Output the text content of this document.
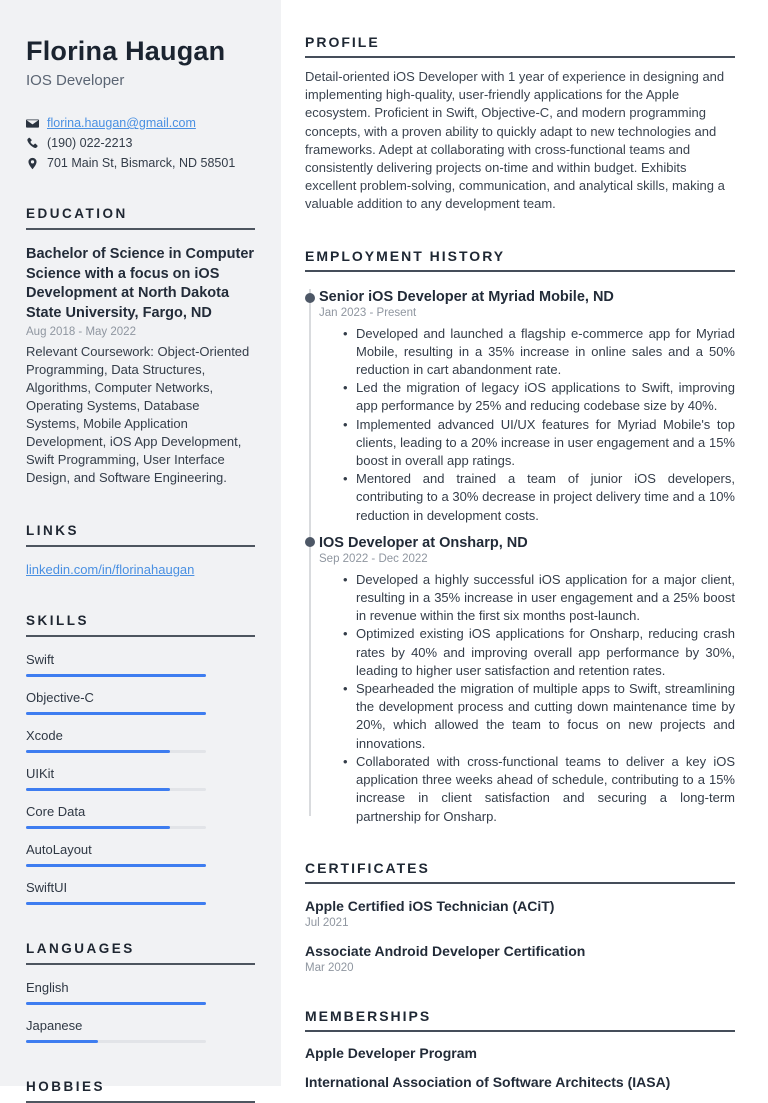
Florina Haugan
IOS Developer
florina.haugan@gmail.com
(190) 022-2213
701 Main St, Bismarck, ND 58501
EDUCATION
Bachelor of Science in Computer Science with a focus on iOS Development at North Dakota State University, Fargo, ND
Aug 2018 - May 2022
Relevant Coursework: Object-Oriented Programming, Data Structures, Algorithms, Computer Networks, Operating Systems, Database Systems, Mobile Application Development, iOS App Development, Swift Programming, User Interface Design, and Software Engineering.
LINKS
linkedin.com/in/florinahaugan
SKILLS
Swift
Objective-C
Xcode
UIKit
Core Data
AutoLayout
SwiftUI
LANGUAGES
English
Japanese
HOBBIES
PROFILE
Detail-oriented iOS Developer with 1 year of experience in designing and implementing high-quality, user-friendly applications for the Apple ecosystem. Proficient in Swift, Objective-C, and modern programming concepts, with a proven ability to quickly adapt to new technologies and frameworks. Adept at collaborating with cross-functional teams and consistently delivering projects on-time and within budget. Exhibits excellent problem-solving, communication, and analytical skills, making a valuable addition to any development team.
EMPLOYMENT HISTORY
Senior iOS Developer at Myriad Mobile, ND
Jan 2023 - Present
• Developed and launched a flagship e-commerce app for Myriad Mobile, resulting in a 35% increase in online sales and a 50% reduction in cart abandonment rate.
• Led the migration of legacy iOS applications to Swift, improving app performance by 25% and reducing codebase size by 40%.
• Implemented advanced UI/UX features for Myriad Mobile's top clients, leading to a 20% increase in user engagement and a 15% boost in overall app ratings.
• Mentored and trained a team of junior iOS developers, contributing to a 30% decrease in project delivery time and a 10% reduction in development costs.
IOS Developer at Onsharp, ND
Sep 2022 - Dec 2022
• Developed a highly successful iOS application for a major client, resulting in a 35% increase in user engagement and a 25% boost in revenue within the first six months post-launch.
• Optimized existing iOS applications for Onsharp, reducing crash rates by 40% and improving overall app performance by 30%, leading to higher user satisfaction and retention rates.
• Spearheaded the migration of multiple apps to Swift, streamlining the development process and cutting down maintenance time by 20%, which allowed the team to focus on new projects and innovations.
• Collaborated with cross-functional teams to deliver a key iOS application three weeks ahead of schedule, contributing to a 15% increase in client satisfaction and securing a long-term partnership for Onsharp.
CERTIFICATES
Apple Certified iOS Technician (ACiT)
Jul 2021
Associate Android Developer Certification
Mar 2020
MEMBERSHIPS
Apple Developer Program
International Association of Software Architects (IASA)
